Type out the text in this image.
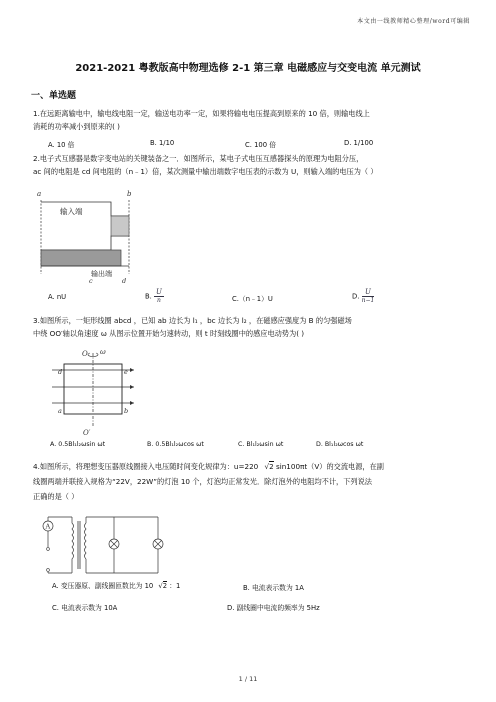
本文由一线教师精心整理/word可编辑
2021-2021 粤教版高中物理选修 2-1 第三章 电磁感应与交变电流 单元测试
一、单选题
1.在远距离输电中，输电线电阻一定，输送电功率一定，如果将输电电压提高到原来的 10 倍，则输电线上
消耗的功率减小到原来的( )
A. 10 倍	B. 1/10	C. 100 倍	D. 1/100
2.电子式互感器是数字变电站的关键装备之一．如图所示，某电子式电压互感器探头的原理为电阻分压，
ac 间的电阻是 cd 间电阻的（n﹣1）倍，某次测量中输出端数字电压表的示数为 U，则输入端的电压为（ ）
a	b
输入端
输出端
c	d
A. nU	B. $\frac{U}{n}$	C.（n﹣1）U	D. $\frac{U}{n-1}$
3.如图所示，一矩形线圈 abcd ，已知 ab 边长为 l₁ ，bc 边长为 l₂ ，在磁感应强度为 B 的匀强磁场
中绕 OO′轴以角速度 ω 从图示位置开始匀速转动，则 t 时刻线圈中的感应电动势为( )
O ω
d	e
a	b
O′
A. 0.5Bl₁l₂ωsin ωt	B. 0.5Bl₁l₂ωcos ωt	C. Bl₁l₂ωsin ωt	D. Bl₁l₂ωcos ωt
4.如图所示，将理想变压器原线圈接入电压随时间变化规律为：u=220 √2 sin100πt（V）的交流电源，在副
线圈两端并联接入规格为“22V，22W”的灯泡 10 个，灯泡均正常发光．除灯泡外的电阻均不计，下列说法
正确的是（ ）
A
A. 变压器原、副线圈匝数比为 10 √2 ：1	B. 电流表示数为 1A
C. 电流表示数为 10A	D. 副线圈中电流的频率为 5Hz
1 / 11
